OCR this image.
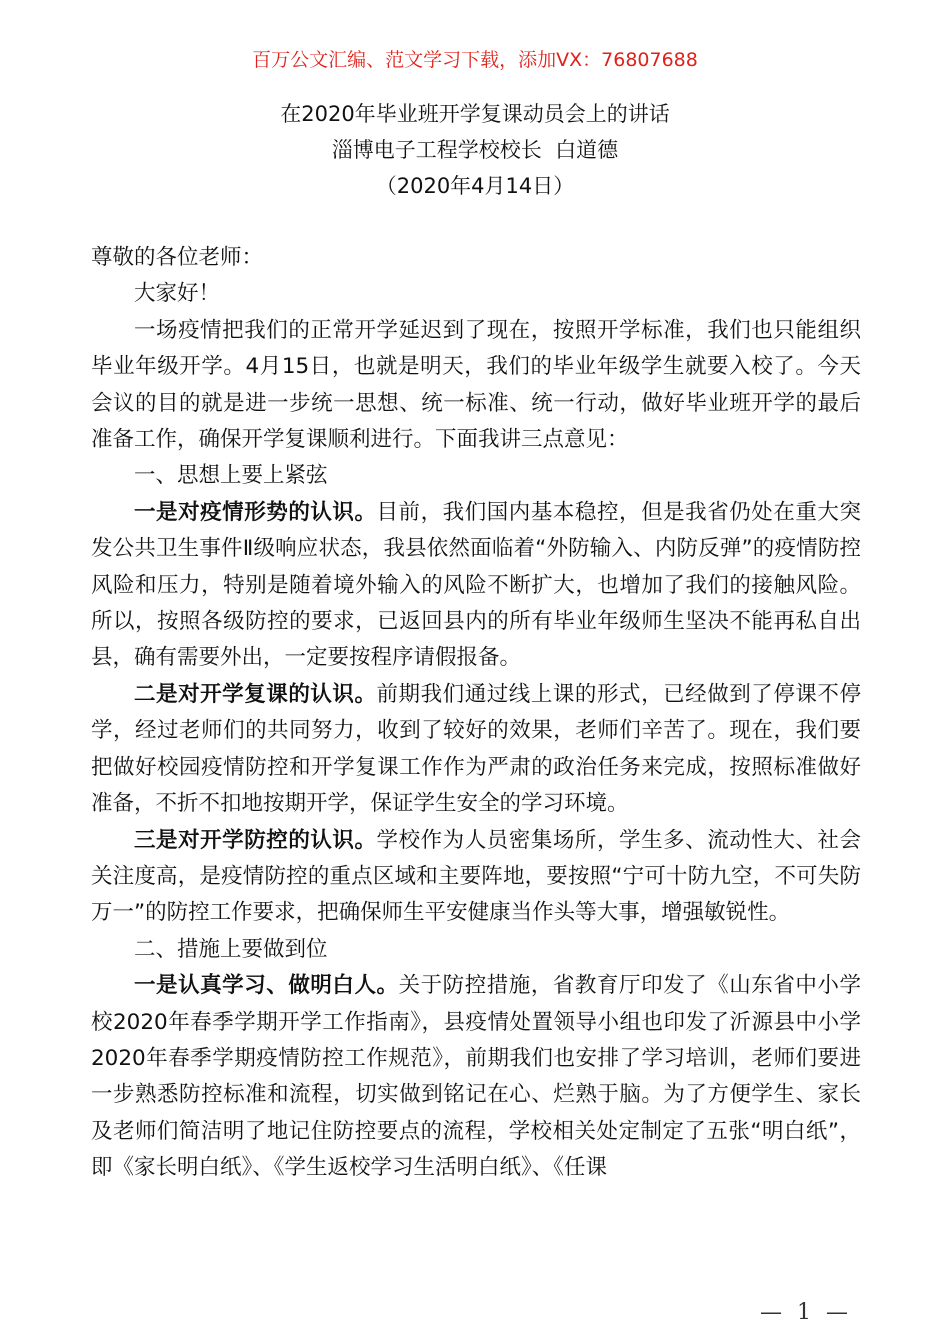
百万公文汇编、范文学习下载，添加VX：76807688
在2020年毕业班开学复课动员会上的讲话
淄博电子工程学校校长  白道德
（2020年4月14日）

尊敬的各位老师：

大家好！

一场疫情把我们的正常开学延迟到了现在，按照开学标准，我们也只能组织毕业年级开学。4月15日，也就是明天，我们的毕业年级学生就要入校了。今天会议的目的就是进一步统一思想、统一标准、统一行动，做好毕业班开学的最后准备工作，确保开学复课顺利进行。下面我讲三点意见：

一、思想上要上紧弦

一是对疫情形势的认识。目前，我们国内基本稳控，但是我省仍处在重大突发公共卫生事件Ⅱ级响应状态，我县依然面临着“外防输入、内防反弹”的疫情防控风险和压力，特别是随着境外输入的风险不断扩大，也增加了我们的接触风险。所以，按照各级防控的要求，已返回县内的所有毕业年级师生坚决不能再私自出县，确有需要外出，一定要按程序请假报备。

二是对开学复课的认识。前期我们通过线上课的形式，已经做到了停课不停学，经过老师们的共同努力，收到了较好的效果，老师们辛苦了。现在，我们要把做好校园疫情防控和开学复课工作作为严肃的政治任务来完成，按照标准做好准备，不折不扣地按期开学，保证学生安全的学习环境。

三是对开学防控的认识。学校作为人员密集场所，学生多、流动性大、社会关注度高，是疫情防控的重点区域和主要阵地，要按照“宁可十防九空，不可失防万一”的防控工作要求，把确保师生平安健康当作头等大事，增强敏锐性。

二、措施上要做到位

一是认真学习、做明白人。关于防控措施，省教育厅印发了《山东省中小学校2020年春季学期开学工作指南》，县疫情处置领导小组也印发了沂源县中小学2020年春季学期疫情防控工作规范》，前期我们也安排了学习培训，老师们要进一步熟悉防控标准和流程，切实做到铭记在心、烂熟于脑。为了方便学生、家长及老师们简洁明了地记住防控要点的流程，学校相关处定制定了五张“明白纸”，即《家长明白纸》、《学生返校学习生活明白纸》、《任课

— 1 —
